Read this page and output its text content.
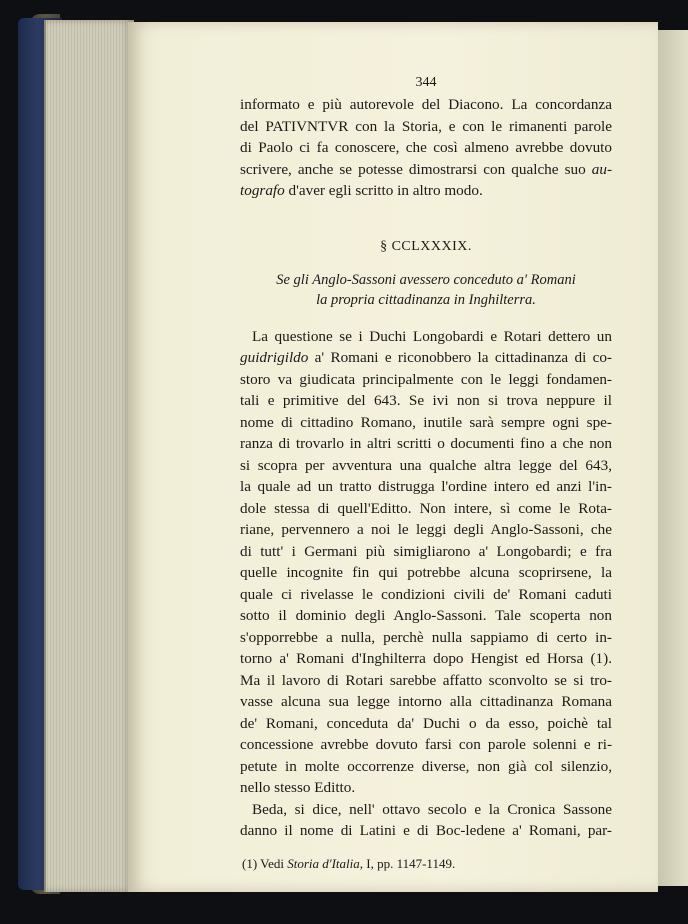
344
informato e più autorevole del Diacono. La concordanza
del PATIVNTVR con la Storia, e con le rimanenti parole
di Paolo ci fa conoscere, che così almeno avrebbe dovuto
scrivere, anche se potesse dimostrarsi con qualche suo au-
tografo d'aver egli scritto in altro modo.
§ CCLXXXIX.
Se gli Anglo-Sassoni avessero conceduto a' Romani
la propria cittadinanza in Inghilterra.
La questione se i Duchi Longobardi e Rotari dettero un
guidrigildo a' Romani e riconobbero la cittadinanza di co-
storo va giudicata principalmente con le leggi fondamen-
tali e primitive del 643. Se ivi non si trova neppure il
nome di cittadino Romano, inutile sarà sempre ogni spe-
ranza di trovarlo in altri scritti o documenti fino a che non
si scopra per avventura una qualche altra legge del 643,
la quale ad un tratto distrugga l'ordine intero ed anzi l'in-
dole stessa di quell'Editto. Non intere, sì come le Rota-
riane, pervennero a noi le leggi degli Anglo-Sassoni, che
di tutt' i Germani più simigliarono a' Longobardi; e fra
quelle incognite fin qui potrebbe alcuna scoprirsene, la
quale ci rivelasse le condizioni civili de' Romani caduti
sotto il dominio degli Anglo-Sassoni. Tale scoperta non
s'opporrebbe a nulla, perchè nulla sappiamo di certo in-
torno a' Romani d'Inghilterra dopo Hengist ed Horsa (1).
Ma il lavoro di Rotari sarebbe affatto sconvolto se si tro-
vasse alcuna sua legge intorno alla cittadinanza Romana
de' Romani, conceduta da' Duchi o da esso, poichè tal
concessione avrebbe dovuto farsi con parole solenni e ri-
petute in molte occorrenze diverse, non già col silenzio,
nello stesso Editto.
Beda, si dice, nell' ottavo secolo e la Cronica Sassone
danno il nome di Latini e di Boc-ledene a' Romani, par-
(1) Vedi Storia d'Italia, I, pp. 1147-1149.
